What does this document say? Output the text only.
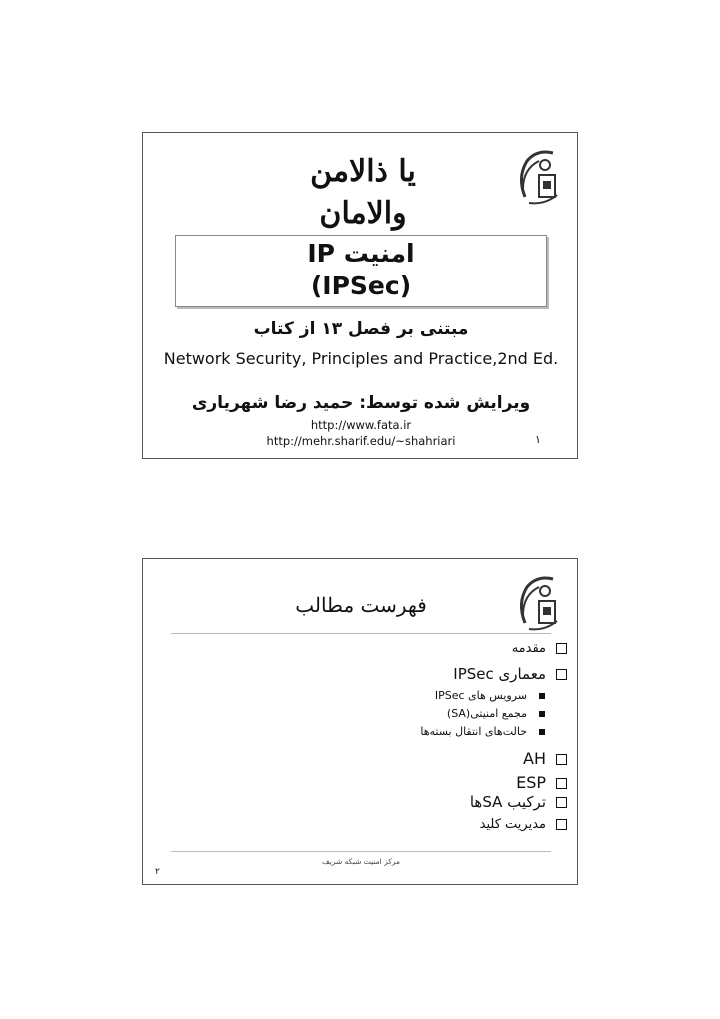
یا ذالامن والامان
امنیت IP
(IPSec)
مبتنی بر فصل ۱۳ از کتاب
Network Security, Principles and Practice,2nd Ed.
ویرایش شده توسط: حمید رضا شهریاری
http://www.fata.ir
http://mehr.sharif.edu/~shahriari	۱
فهرست مطالب
مقدمه
معماری IPSec
سرویس های IPSec
مجمع امنیتی(SA)
حالت‌های انتقال بسته‌ها
AH
ESP
ترکیب SAها
مدیریت کلید
مرکز امنیت شبکه شریف
۲
